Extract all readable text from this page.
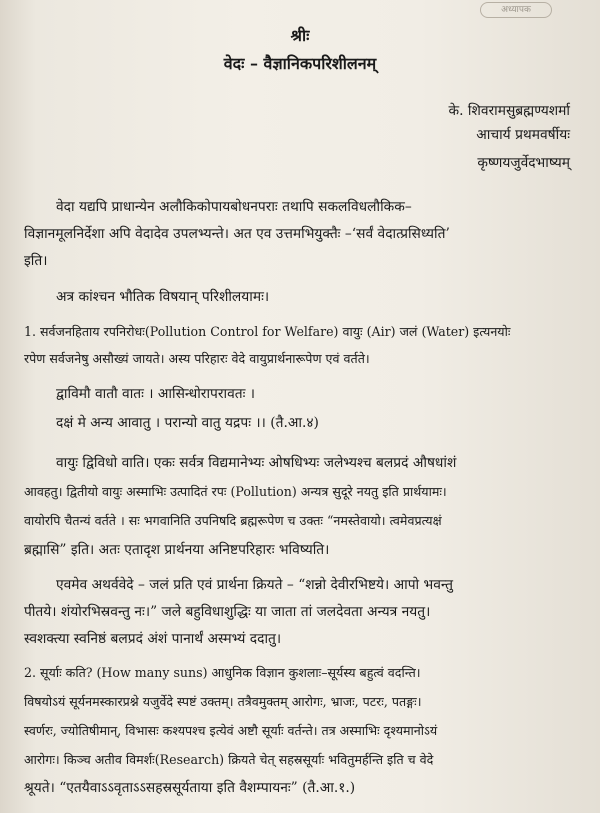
अध्यापक
श्रीः
वेदः – वैज्ञानिकपरिशीलनम्
के. शिवरामसुब्रह्मण्यशर्मा
आचार्य प्रथमवर्षीयः
कृष्णयजुर्वेदभाष्यम्
वेदा यद्यपि प्राधान्येन अलौकिकोपायबोधनपराः तथापि सकलविधलौकिक–
विज्ञानमूलनिर्देशा अपि वेदादेव उपलभ्यन्ते। अत एव उत्तमभियुक्तैः –‘सर्वं वेदात्प्रसिध्यति’
इति।
अत्र कांश्चन भौतिक विषयान् परिशीलयामः।
1. सर्वजनहिताय रपनिरोधः(Pollution Control for Welfare) वायुः (Air) जलं (Water) इत्यनयोः
रपेण सर्वजनेषु असौख्यं जायते। अस्य परिहारः वेदे वायुप्रार्थनारूपेण एवं वर्तते।
द्वाविमौ वातौ वातः । आसिन्धोरापरावतः ।
दक्षं मे अन्य आवातु । परान्यो वातु यद्रपः ।। (तै.आ.४)
वायुः द्विविधो वाति। एकः सर्वत्र विद्यमानेभ्यः ओषधिभ्यः जलेभ्यश्च बलप्रदं औषधांशं
आवहतु। द्वितीयो वायुः अस्माभिः उत्पादितं रपः (Pollution) अन्यत्र सुदूरे नयतु इति प्रार्थयामः।
वायोरपि चैतन्यं वर्तते । सः भगवानिति उपनिषदि ब्रह्मरूपेण च उक्तः “नमस्तेवायो। त्वमेवप्रत्यक्षं
ब्रह्मासि” इति। अतः एतादृश प्रार्थनया अनिष्टपरिहारः भविष्यति।
एवमेव अथर्ववेदे – जलं प्रति एवं प्रार्थना क्रियते – “शन्नो देवीरभिष्टये। आपो भवन्तु
पीतये। शंयोरभिस्रवन्तु नः।” जले बहुविधाशुद्धिः या जाता तां जलदेवता अन्यत्र नयतु।
स्वशक्त्या स्वनिष्ठं बलप्रदं अंशं पानार्थं अस्मभ्यं ददातु।
2. सूर्याः कति? (How many suns) आधुनिक विज्ञान कुशलाः–सूर्यस्य बहुत्वं वदन्ति।
विषयोऽयं सूर्यनमस्कारप्रश्ने यजुर्वेदे स्पष्टं उक्तम्। तत्रैवमुक्तम् आरोगः, भ्राजः, पटरः, पतङ्गः।
स्वर्णरः, ज्योतिषीमान्, विभासः कश्यपश्च इत्येवं अष्टौ सूर्याः वर्तन्ते। तत्र अस्माभिः दृश्यमानोऽयं
आरोगः। किञ्च अतीव विमर्शः(Research) क्रियते चेत् सहस्रसूर्याः भवितुमर्हन्ति इति च वेदे
श्रूयते। “एतयैवाऽऽवृताऽऽसहस्रसूर्यताया इति वैशम्पायनः” (तै.आ.१.)
